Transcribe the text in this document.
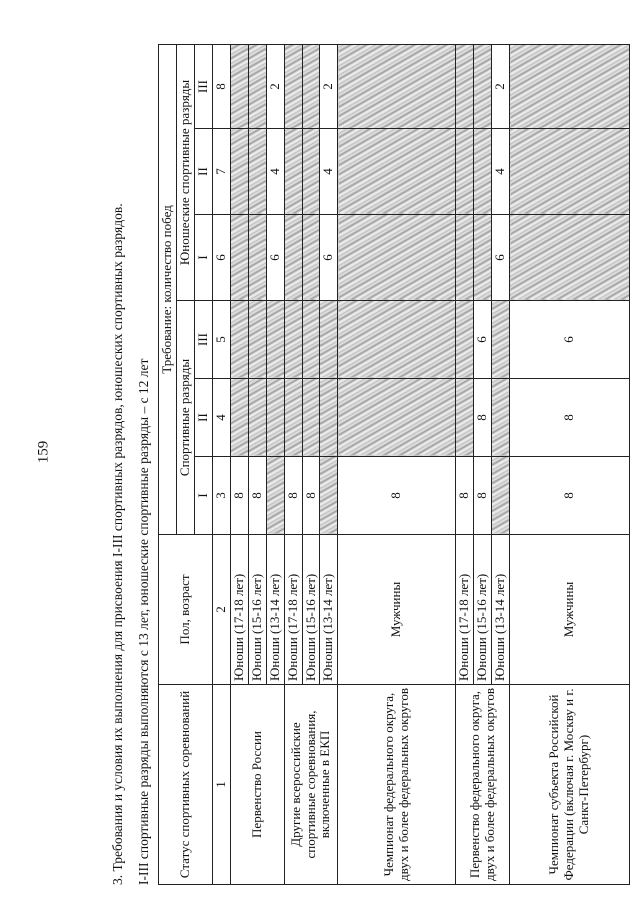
159	3. Требования и условия их выполнения для присвоения I-III спортивных разрядов, юношеских спортивных разрядов. I-III спортивные разряды выполняются с 13 лет, юношеские спортивные разряды – с 12 лет Статус спортивных соревнований	Пол, возраст	Требование: количество побед					
		Спортивные разряды			Юношеские спортивные разряды		
		I	II	III	I	II	III
1	2	3	4	5	6	7	8
Первенство России	Юноши (17-18 лет)	8					
	Юноши (15-16 лет)	8					
	Юноши (13-14 лет)				6	4	2
Другие всероссийские спортивные соревнования, включенные в ЕКП	Юноши (17-18 лет)	8					
	Юноши (15-16 лет)	8					
	Юноши (13-14 лет)				6	4	2
Чемпионат федерального округа, двух и более федеральных округов	Мужчины	8					
Первенство федерального округа, двух и более федеральных округов	Юноши (17-18 лет)	8					
	Юноши (15-16 лет)	8	8	6			
	Юноши (13-14 лет)				6	4	2
Чемпионат субъекта Российской Федерации (включая г. Москву и г. Санкт-Петербург)	Мужчины	8	8	6			
